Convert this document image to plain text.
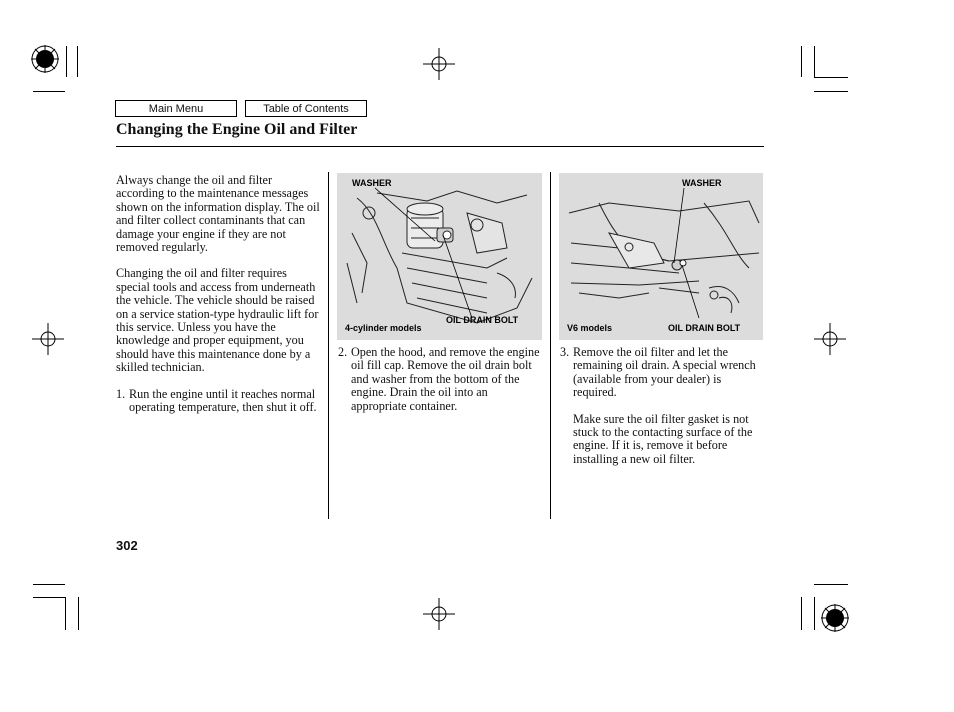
Main Menu	Table of Contents
Changing the Engine Oil and Filter

Always change the oil and filter according to the maintenance messages shown on the information display. The oil and filter collect contaminants that can damage your engine if they are not removed regularly.

Changing the oil and filter requires special tools and access from underneath the vehicle. The vehicle should be raised on a service station-type hydraulic lift for this service. Unless you have the knowledge and proper equipment, you should have this maintenance done by a skilled technician.

1. Run the engine until it reaches normal operating temperature, then shut it off.
WASHER
OIL DRAIN BOLT
4-cylinder models
WASHER
OIL DRAIN BOLT
V6 models
2. Open the hood, and remove the engine oil fill cap. Remove the oil drain bolt and washer from the bottom of the engine. Drain the oil into an appropriate container.
3. Remove the oil filter and let the remaining oil drain. A special wrench (available from your dealer) is required.
Make sure the oil filter gasket is not stuck to the contacting surface of the engine. If it is, remove it before installing a new oil filter.
302
